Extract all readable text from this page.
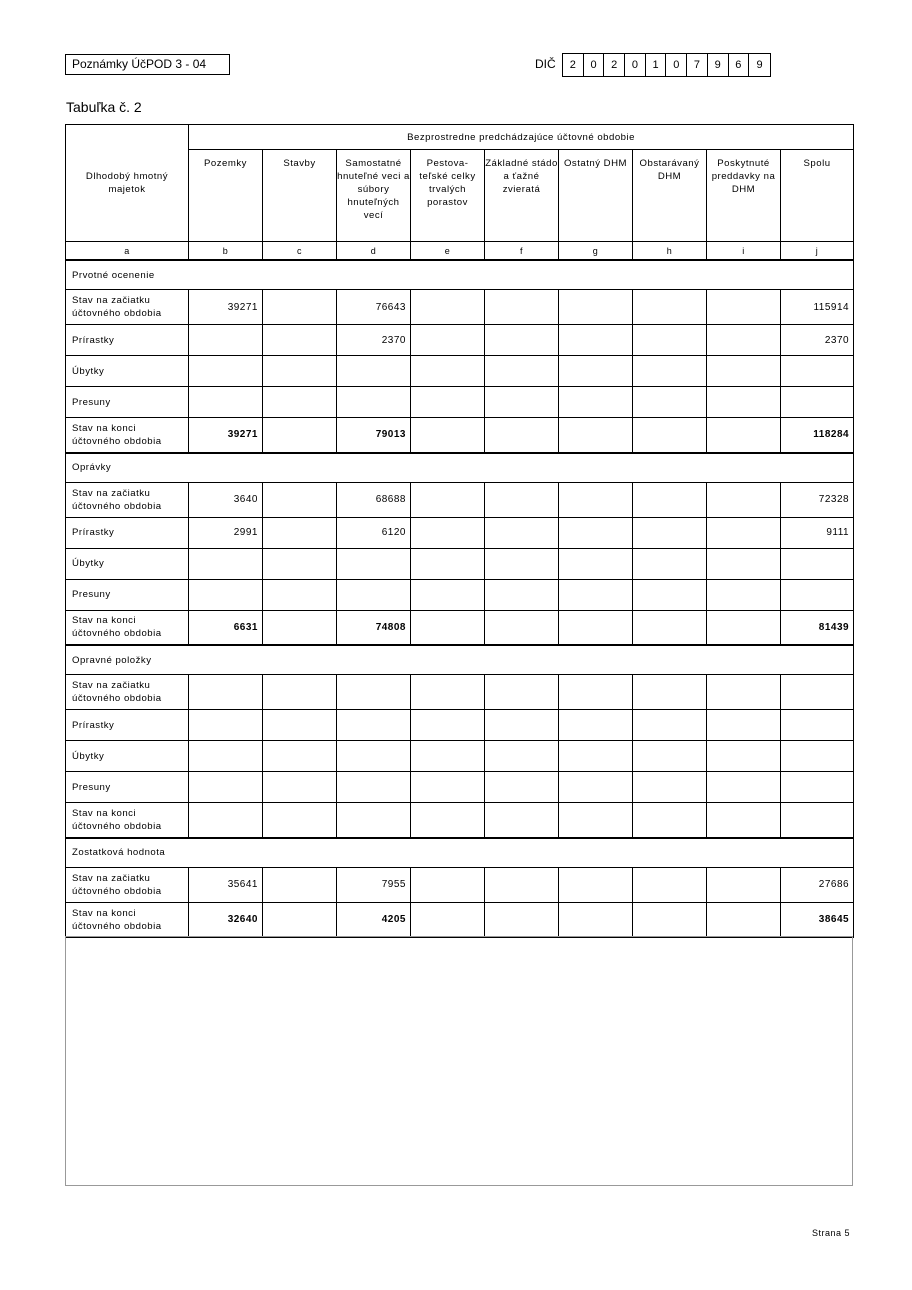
Poznámky ÚčPOD 3 - 04	DIČ	2	0	2	0	1	0	7	9	6	9
Tabuľka č. 2
Dlhodobý hmotný majetok	Bezprostredne predchádzajúce účtovné obdobie								
	Pozemky	Stavby	Samostatné hnuteľné veci a súbory hnuteľných vecí	Pestova- teľské celky trvalých porastov	Základné stádo a ťažné zvieratá	Ostatný DHM	Obstarávaný DHM	Poskytnuté preddavky na DHM	Spolu
a	b	c	d	e	f	g	h	i	j
Prvotné ocenenie									
Stav na začiatku účtovného obdobia	39271		76643						115914
Prírastky			2370						2370
Úbytky									
Presuny									
Stav na konci účtovného obdobia	39271		79013						118284
Oprávky									
Stav na začiatku účtovného obdobia	3640		68688						72328
Prírastky	2991		6120						9111
Úbytky									
Presuny									
Stav na konci účtovného obdobia	6631		74808						81439
Opravné položky									
Stav na začiatku účtovného obdobia									
Prírastky									
Úbytky									
Presuny									
Stav na konci účtovného obdobia									
Zostatková hodnota									
Stav na začiatku účtovného obdobia	35641		7955						27686
Stav na konci účtovného obdobia	32640		4205						38645
Strana 5
